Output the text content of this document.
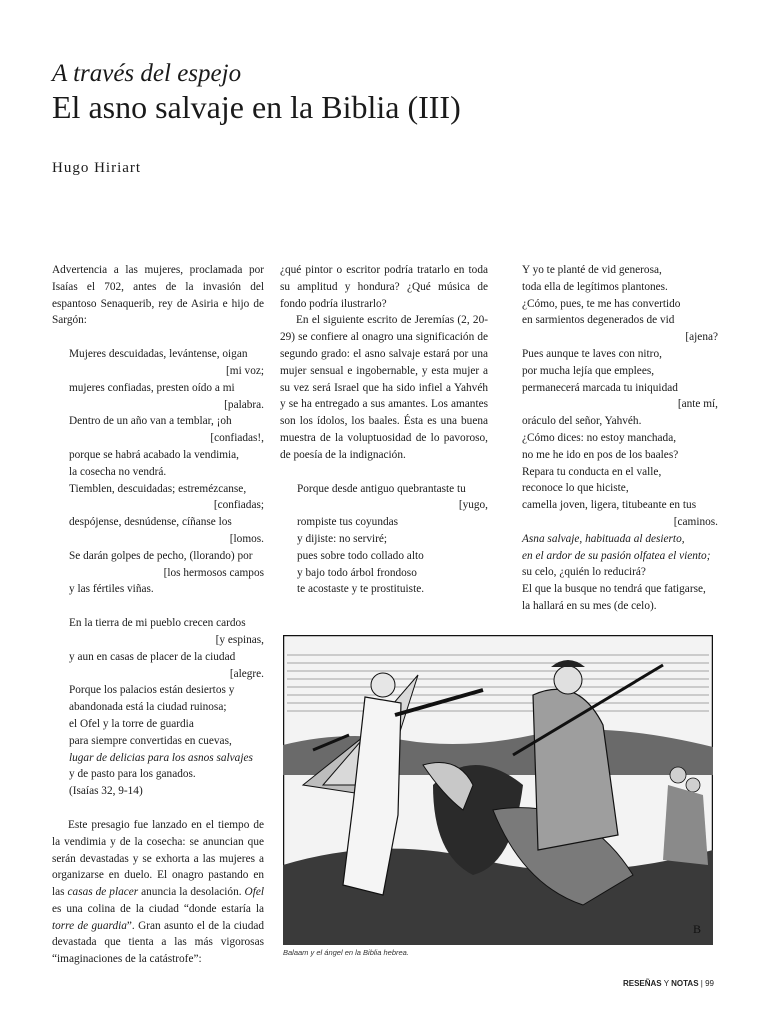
A través del espejo
El asno salvaje en la Biblia (III)
Hugo Hiriart

Advertencia a las mujeres, proclamada por Isaías el 702, antes de la invasión del espantoso Senaquerib, rey de Asiria e hijo de Sargón:

Mujeres descuidadas, levántense, oigan
[mi voz;
mujeres confiadas, presten oído a mi
[palabra.
Dentro de un año van a temblar, ¡oh
[confiadas!,
porque se habrá acabado la vendimia,
la cosecha no vendrá.
Tiemblen, descuidadas; estremézcanse,
[confiadas;
despójense, desnúdense, cíñanse los
[lomos.
Se darán golpes de pecho, (llorando) por
[los hermosos campos
y las fértiles viñas.
En la tierra de mi pueblo crecen cardos
[y espinas,
y aun en casas de placer de la ciudad
[alegre.
Porque los palacios están desiertos y
abandonada está la ciudad ruinosa;
el Ofel y la torre de guardia
para siempre convertidas en cuevas,
lugar de delicias para los asnos salvajes
y de pasto para los ganados.
(Isaías 32, 9-14)

Este presagio fue lanzado en el tiempo de la vendimia y de la cosecha: se anuncian que serán devastadas y se exhorta a las mujeres a organizarse en duelo. El onagro pastando en las casas de placer anuncia la desolación. Ofel es una colina de la ciudad “donde estaría la torre de guardia”. Gran asunto el de la ciudad devastada que tienta a las más vigorosas “imaginaciones de la catástrofe”:

¿qué pintor o escritor podría tratarlo en toda su amplitud y hondura? ¿Qué música de fondo podría ilustrarlo?

En el siguiente escrito de Jeremías (2, 20-29) se confiere al onagro una significación de segundo grado: el asno salvaje estará por una mujer sensual e ingobernable, y esta mujer a su vez será Israel que ha sido infiel a Yahvéh y se ha entregado a sus amantes. Los amantes son los ídolos, los baales. Ésta es una buena muestra de la voluptuosidad de lo pavoroso, de poesía de la indignación.

Porque desde antiguo quebrantaste tu
[yugo,
rompiste tus coyundas
y dijiste: no serviré;
pues sobre todo collado alto
y bajo todo árbol frondoso
te acostaste y te prostituiste.
Y yo te planté de vid generosa,
toda ella de legítimos plantones.
¿Cómo, pues, te me has convertido
en sarmientos degenerados de vid
[ajena?
Pues aunque te laves con nitro,
por mucha lejía que emplees,
permanecerá marcada tu iniquidad
[ante mí,
oráculo del señor, Yahvéh.
¿Cómo dices: no estoy manchada,
no me he ido en pos de los baales?
Repara tu conducta en el valle,
reconoce lo que hiciste,
camella joven, ligera, titubeante en tus
[caminos.
Asna salvaje, habituada al desierto,
en el ardor de su pasión olfatea el viento;
su celo, ¿quién lo reducirá?
El que la busque no tendrá que fatigarse,
la hallará en su mes (de celo).
B
Balaam y el ángel en la Biblia hebrea.
RESEÑAS Y NOTAS | 99
